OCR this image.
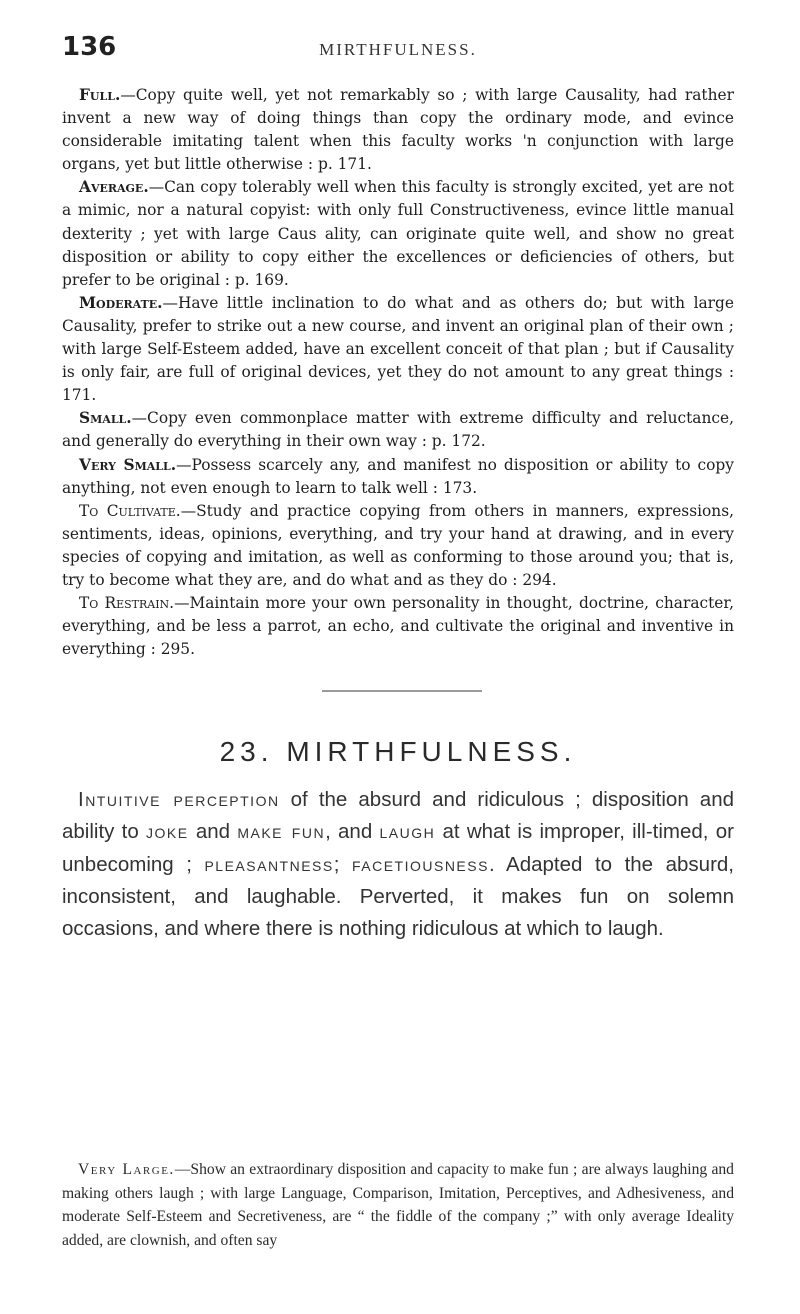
136	MIRTHFULNESS.

Full.—Copy quite well, yet not remarkably so ; with large Causality, had rather invent a new way of doing things than copy the ordinary mode, and evince considerable imitating talent when this faculty works 'n conjunction with large organs, yet but little otherwise : p. 171.

Average.—Can copy tolerably well when this faculty is strongly excited, yet are not a mimic, nor a natural copyist: with only full Constructiveness, evince little manual dexterity ; yet with large Caus ality, can originate quite well, and show no great disposition or ability to copy either the excellences or deficiencies of others, but prefer to be original : p. 169.

Moderate.—Have little inclination to do what and as others do; but with large Causality, prefer to strike out a new course, and invent an original plan of their own ; with large Self-Esteem added, have an excellent conceit of that plan ; but if Causality is only fair, are full of original devices, yet they do not amount to any great things : 171.

Small.—Copy even commonplace matter with extreme difficulty and reluctance, and generally do everything in their own way : p. 172.

Very Small.—Possess scarcely any, and manifest no disposition or ability to copy anything, not even enough to learn to talk well : 173.

To Cultivate.—Study and practice copying from others in manners, expressions, sentiments, ideas, opinions, everything, and try your hand at drawing, and in every species of copying and imitation, as well as conforming to those around you; that is, try to become what they are, and do what and as they do : 294.

To Restrain.—Maintain more your own personality in thought, doctrine, character, everything, and be less a parrot, an echo, and cultivate the original and inventive in everything : 295.

23. MIRTHFULNESS.

Intuitive perception of the absurd and ridiculous ; disposition and ability to joke and make fun, and laugh at what is improper, ill-timed, or unbecoming ; pleasantness; facetiousness. Adapted to the absurd, inconsistent, and laughable. Perverted, it makes fun on solemn occasions, and where there is nothing ridiculous at which to laugh.

Very Large.—Show an extraordinary disposition and capacity to make fun ; are always laughing and making others laugh ; with large Language, Comparison, Imitation, Perceptives, and Adhesiveness, and moderate Self-Esteem and Secretiveness, are “ the fiddle of the company ;” with only average Ideality added, are clownish, and often say
